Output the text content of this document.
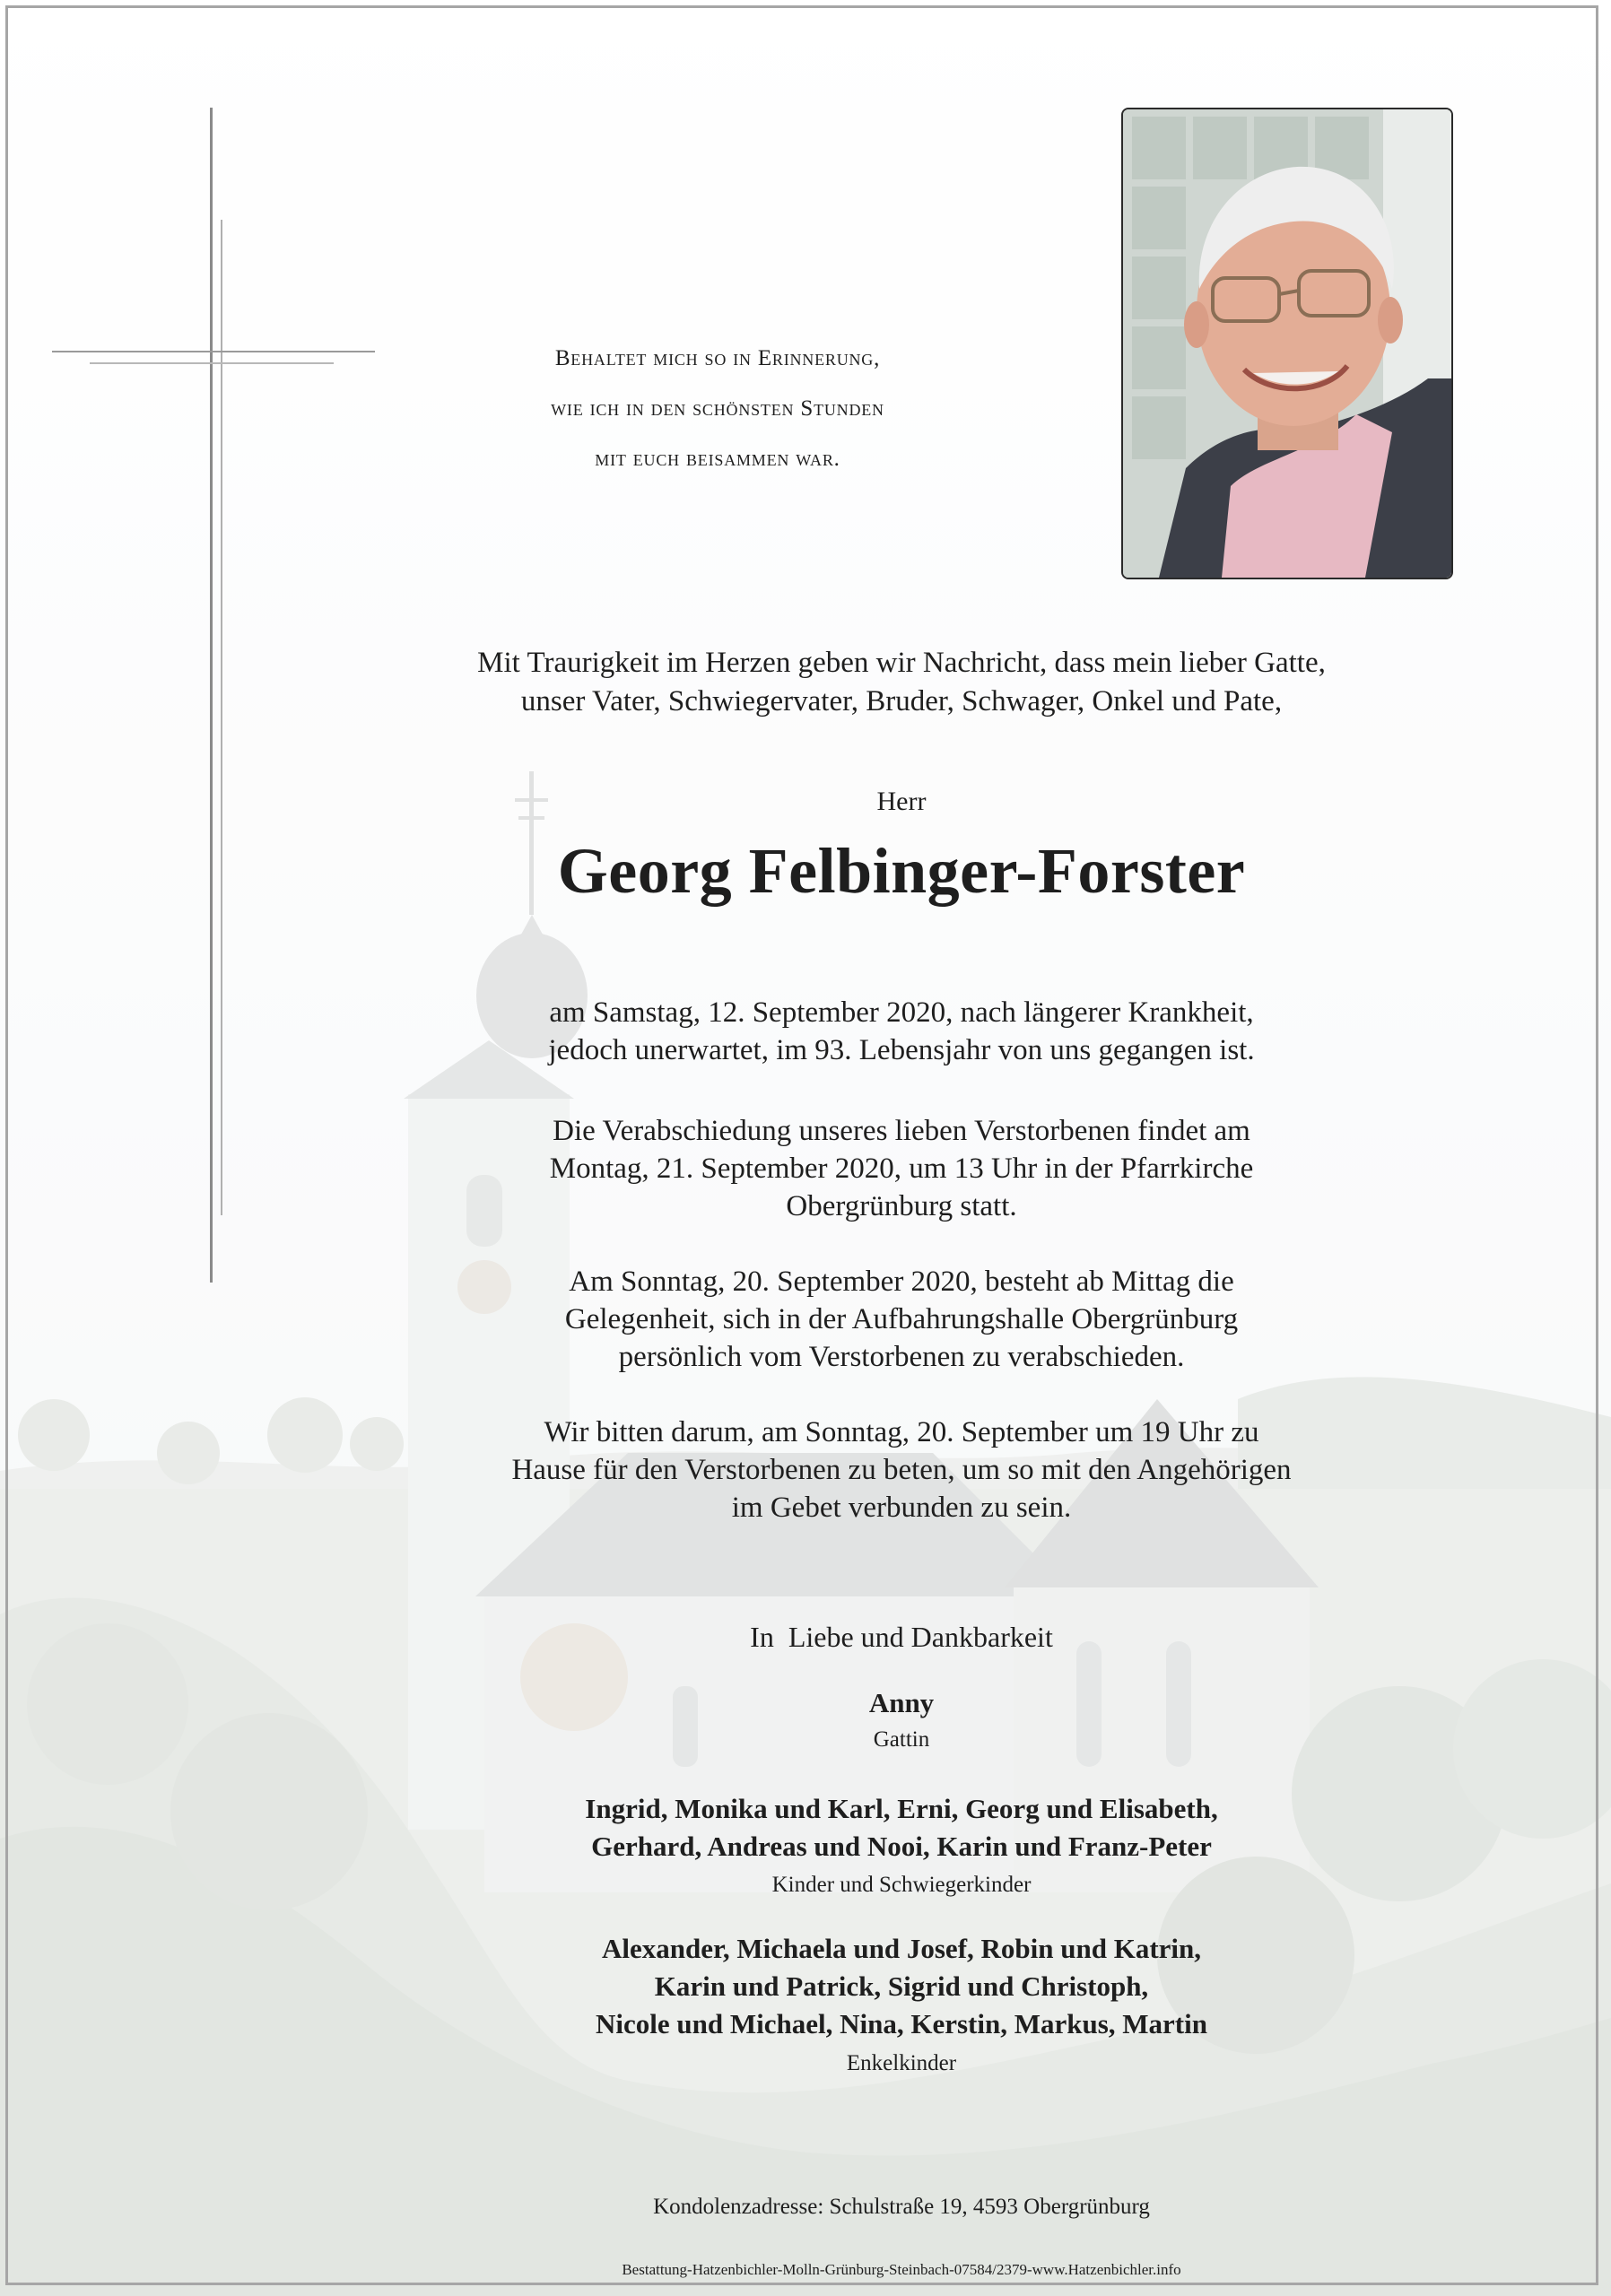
Behaltet mich so in Erinnerung,
wie ich in den schönsten Stunden
mit euch beisammen war.
Mit Traurigkeit im Herzen geben wir Nachricht, dass mein lieber Gatte,
unser Vater, Schwiegervater, Bruder, Schwager, Onkel und Pate,
Herr
Georg Felbinger-Forster
am Samstag, 12. September 2020, nach längerer Krankheit,
jedoch unerwartet, im 93. Lebensjahr von uns gegangen ist.
Die Verabschiedung unseres lieben Verstorbenen findet am
Montag, 21. September 2020, um 13 Uhr in der Pfarrkirche
Obergrünburg statt.
Am Sonntag, 20. September 2020, besteht ab Mittag die
Gelegenheit, sich in der Aufbahrungshalle Obergrünburg
persönlich vom Verstorbenen zu verabschieden.
Wir bitten darum, am Sonntag, 20. September um 19 Uhr zu
Hause für den Verstorbenen zu beten, um so mit den Angehörigen
im Gebet verbunden zu sein.
In  Liebe und Dankbarkeit
Anny
Gattin
Ingrid, Monika und Karl, Erni, Georg und Elisabeth,
Gerhard, Andreas und Nooi, Karin und Franz-Peter
Kinder und Schwiegerkinder
Alexander, Michaela und Josef, Robin und Katrin,
Karin und Patrick, Sigrid und Christoph,
Nicole und Michael, Nina, Kerstin, Markus, Martin
Enkelkinder
Kondolenzadresse: Schulstraße 19, 4593 Obergrünburg
Bestattung-Hatzenbichler-Molln-Grünburg-Steinbach-07584/2379-www.Hatzenbichler.info
